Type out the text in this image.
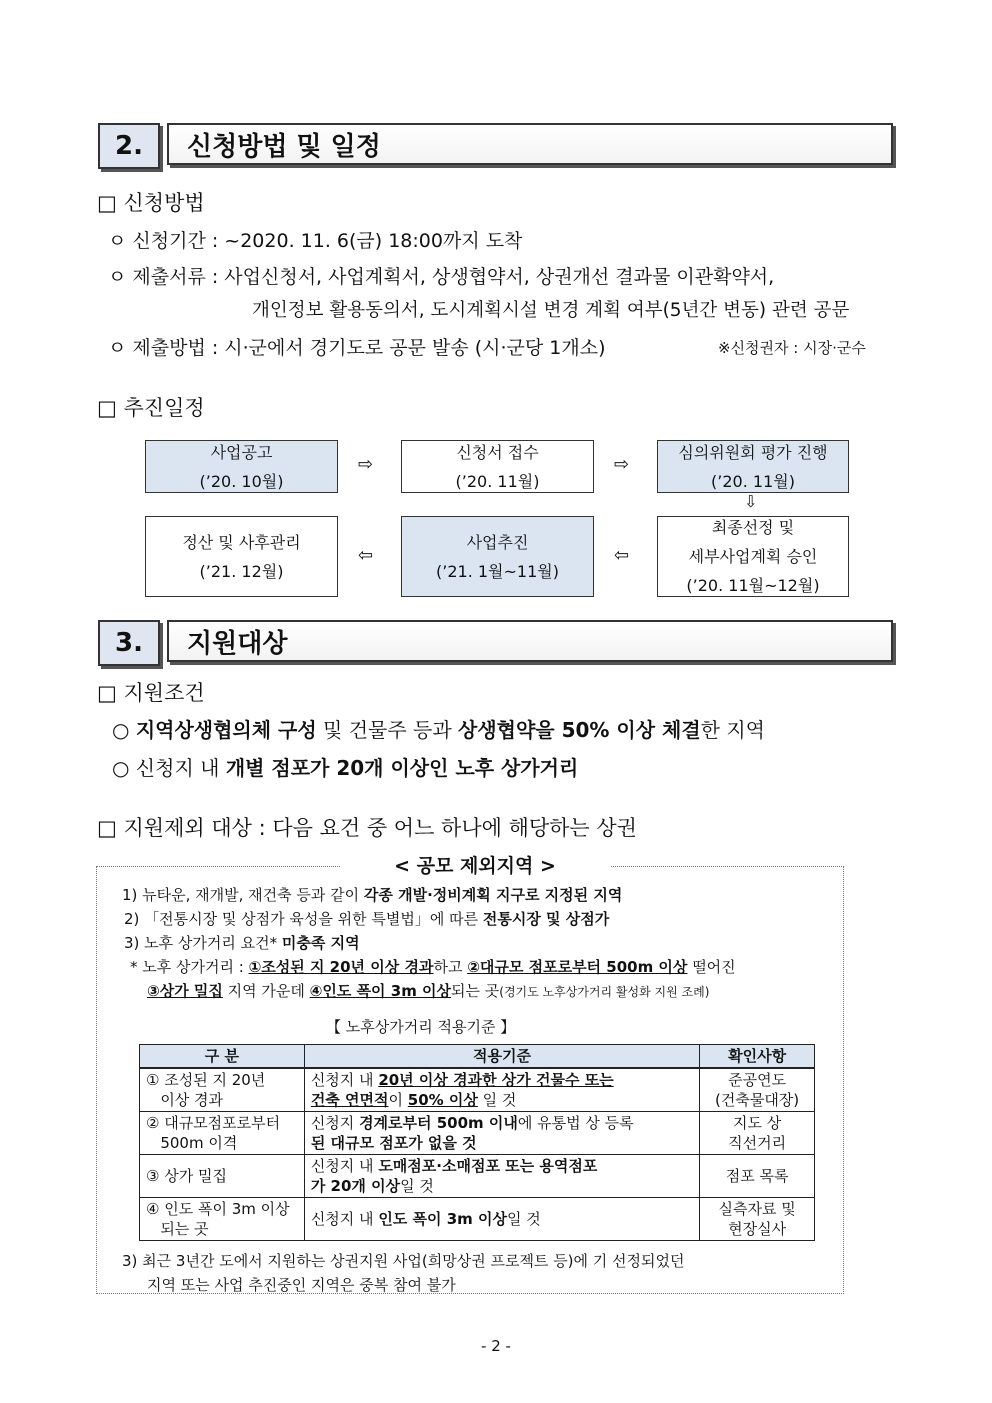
2.	신청방법 및 일정
□ 신청방법
ㅇ 신청기간 : ~2020. 11. 6(금) 18:00까지 도착
ㅇ 제출서류 : 사업신청서, 사업계획서, 상생협약서, 상권개선 결과물 이관확약서,
개인정보 활용동의서, 도시계획시설 변경 계획 여부(5년간 변동) 관련 공문
ㅇ 제출방법 : 시·군에서 경기도로 공문 발송 (시·군당 1개소)	※신청권자 : 시장·군수
□ 추진일정
사업공고
(’20. 10월)
⇨
신청서 접수
(’20. 11월)
⇨
심의위원회 평가 진행
(’20. 11월)
⇩
정산 및 사후관리
(’21. 12월)
⇦
사업추진
(’21. 1월~11월)
⇦
최종선정 및
세부사업계획 승인
(’20. 11월~12월)
3.	지원대상
□ 지원조건
○ 지역상생협의체 구성 및 건물주 등과 상생협약을 50% 이상 체결한 지역
○ 신청지 내 개별 점포가 20개 이상인 노후 상가거리
□ 지원제외 대상 : 다음 요건 중 어느 하나에 해당하는 상권
< 공모 제외지역 >
1) 뉴타운, 재개발, 재건축 등과 같이 각종 개발·정비계획 지구로 지정된 지역
2) 「전통시장 및 상점가 육성을 위한 특별법」에 따른 전통시장 및 상점가
3) 노후 상가거리 요건* 미충족 지역
* 노후 상가거리 : ①조성된 지 20년 이상 경과하고 ②대규모 점포로부터 500m 이상 떨어진
③상가 밀집 지역 가운데 ④인도 폭이 3m 이상되는 곳(경기도 노후상가거리 활성화 지원 조례)
【 노후상가거리 적용기준 】
구 분	적용기준	확인사항
① 조성된 지 20년
이상 경과	신청지 내 20년 이상 경과한 상가 건물수 또는
건축 연면적이 50% 이상 일 것	준공연도
(건축물대장)
② 대규모점포로부터
500m 이격	신청지 경계로부터 500m 이내에 유통법 상 등록
된 대규모 점포가 없을 것	지도 상
직선거리
③ 상가 밀집	신청지 내 도매점포·소매점포 또는 용역점포
가 20개 이상일 것	점포 목록
④ 인도 폭이 3m 이상
되는 곳	신청지 내 인도 폭이 3m 이상일 것	실측자료 및
현장실사
3) 최근 3년간 도에서 지원하는 상권지원 사업(희망상권 프로젝트 등)에 기 선정되었던
지역 또는 사업 추진중인 지역은 중복 참여 불가
- 2 -
